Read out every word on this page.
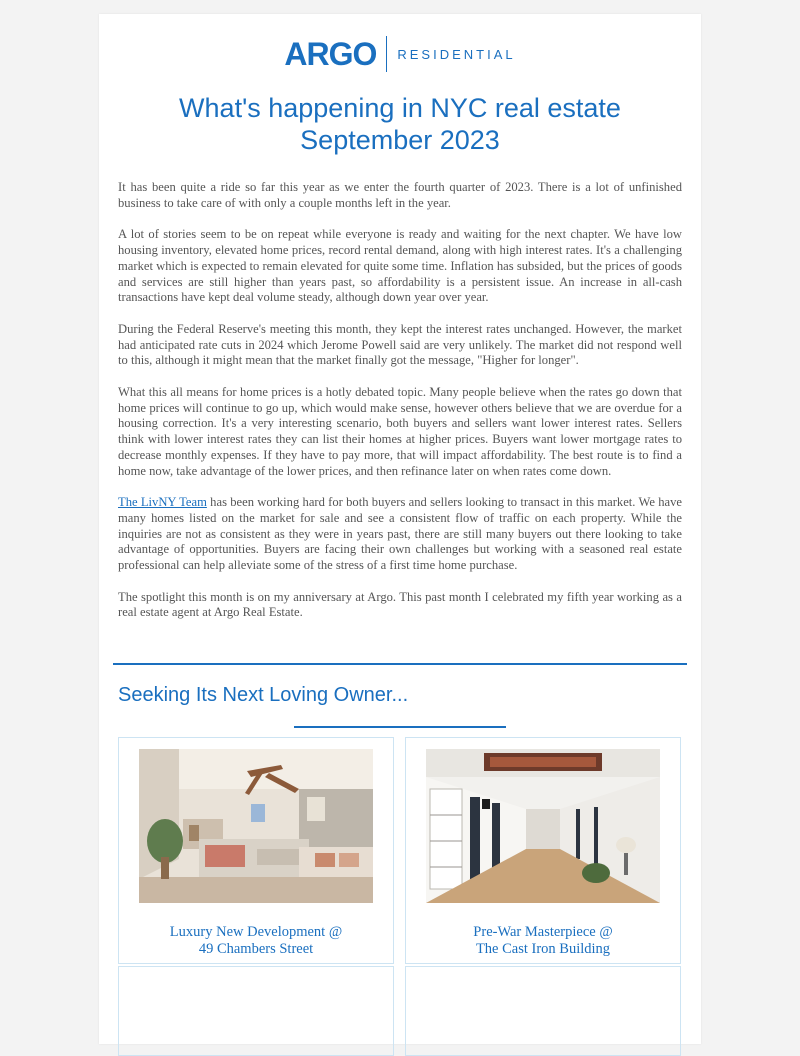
ARGO RESIDENTIAL
What's happening in NYC real estate
September 2023

It has been quite a ride so far this year as we enter the fourth quarter of 2023. There is a lot of unfinished business to take care of with only a couple months left in the year.

A lot of stories seem to be on repeat while everyone is ready and waiting for the next chapter. We have low housing inventory, elevated home prices, record rental demand, along with high interest rates. It's a challenging market which is expected to remain elevated for quite some time. Inflation has subsided, but the prices of goods and services are still higher than years past, so affordability is a persistent issue. An increase in all-cash transactions have kept deal volume steady, although down year over year.

During the Federal Reserve's meeting this month, they kept the interest rates unchanged. However, the market had anticipated rate cuts in 2024 which Jerome Powell said are very unlikely. The market did not respond well to this, although it might mean that the market finally got the message, "Higher for longer".

What this all means for home prices is a hotly debated topic. Many people believe when the rates go down that home prices will continue to go up, which would make sense, however others believe that we are overdue for a housing correction. It's a very interesting scenario, both buyers and sellers want lower interest rates. Sellers think with lower interest rates they can list their homes at higher prices. Buyers want lower mortgage rates to decrease monthly expenses. If they have to pay more, that will impact affordability. The best route is to find a home now, take advantage of the lower prices, and then refinance later on when rates come down.

The LivNY Team has been working hard for both buyers and sellers looking to transact in this market. We have many homes listed on the market for sale and see a consistent flow of traffic on each property. While the inquiries are not as consistent as they were in years past, there are still many buyers out there looking to take advantage of opportunities. Buyers are facing their own challenges but working with a seasoned real estate professional can help alleviate some of the stress of a first time home purchase.

The spotlight this month is on my anniversary at Argo. This past month I celebrated my fifth year working as a real estate agent at Argo Real Estate.

Seeking Its Next Loving Owner...
Luxury New Development @
49 Chambers Street
Pre-War Masterpiece @
The Cast Iron Building
